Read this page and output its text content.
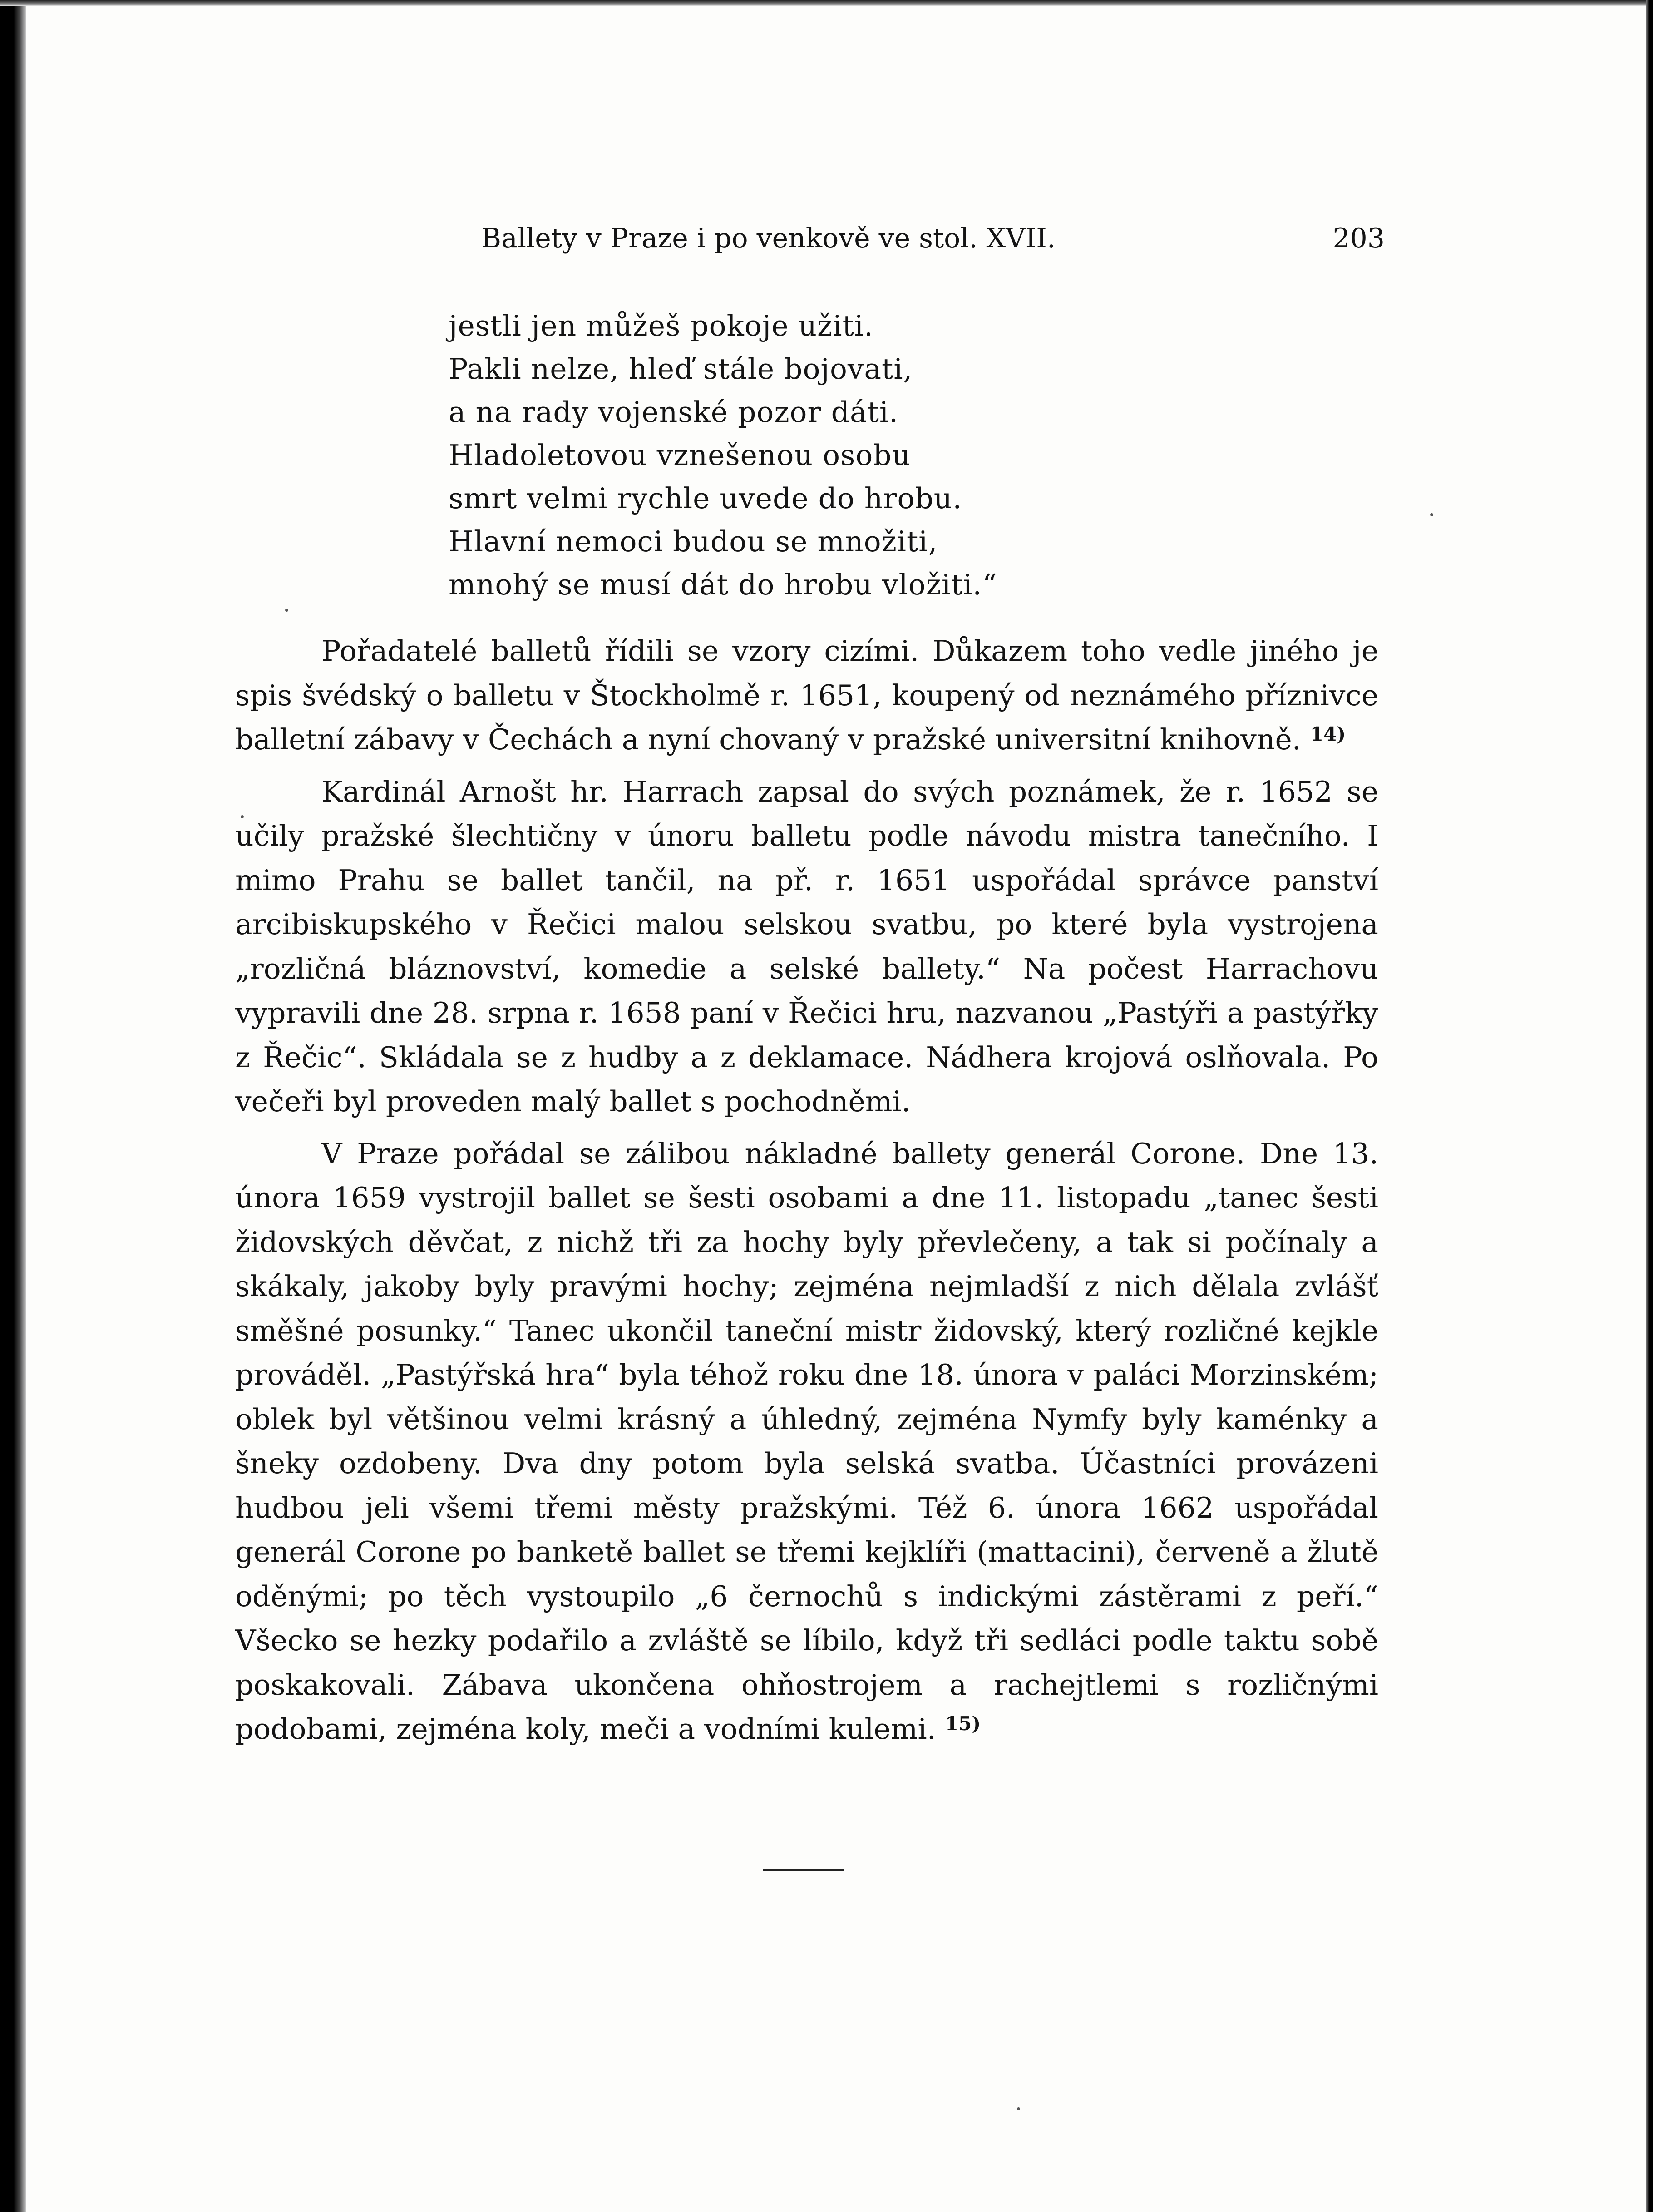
Ballety v Praze i po venkově ve stol. XVII.	203
jestli jen můžeš pokoje užiti.
Pakli nelze, hleď stále bojovati,
a na rady vojenské pozor dáti.
Hladoletovou vznešenou osobu
smrt velmi rychle uvede do hrobu.
Hlavní nemoci budou se množiti,
mnohý se musí dát do hrobu vložiti.“

Pořadatelé balletů řídili se vzory cizími. Důkazem toho vedle jiného je spis švédský o balletu v Štockholmě r. 1651, koupený od neznámého příznivce balletní zábavy v Čechách a nyní chovaný v pražské universitní knihovně. $^{14)}$

Kardinál Arnošt hr. Harrach zapsal do svých poznámek, že r. 1652 se učily pražské šlechtičny v únoru balletu podle návodu mistra tanečního. I mimo Prahu se ballet tančil, na př. r. 1651 uspořádal správce panství arcibiskupského v Řečici malou selskou svatbu, po které byla vystrojena „rozličná bláznovství, komedie a selské ballety.“ Na počest Harrachovu vypravili dne 28. srpna r. 1658 paní v Řečici hru, nazvanou „Pastýři a pastýřky z Řečic“. Skládala se z hudby a z deklamace. Nádhera krojová oslňovala. Po večeři byl proveden malý ballet s pochodněmi.

V Praze pořádal se zálibou nákladné ballety generál Corone. Dne 13. února 1659 vystrojil ballet se šesti osobami a dne 11. listopadu „tanec šesti židovských děvčat, z nichž tři za hochy byly převlečeny, a tak si počínaly a skákaly, jakoby byly pravými hochy; zejména nejmladší z nich dělala zvlášť směšné posunky.“ Tanec ukončil taneční mistr židovský, který rozličné kejkle prováděl. „Pastýřská hra“ byla téhož roku dne 18. února v paláci Morzinském; oblek byl většinou velmi krásný a úhledný, zejména Nymfy byly kaménky a šneky ozdobeny. Dva dny potom byla selská svatba. Účastníci provázeni hudbou jeli všemi třemi městy pražskými. Též 6. února 1662 uspořádal generál Corone po banketě ballet se třemi kejklíři (mattacini), červeně a žlutě oděnými; po těch vystoupilo „6 černochů s indickými zástěrami z peří.“ Všecko se hezky podařilo a zvláště se líbilo, když tři sedláci podle taktu sobě poskakovali. Zábava ukončena ohňostrojem a rachejtlemi s rozličnými podobami, zejména koly, meči a vodními kulemi. $^{15)}$
